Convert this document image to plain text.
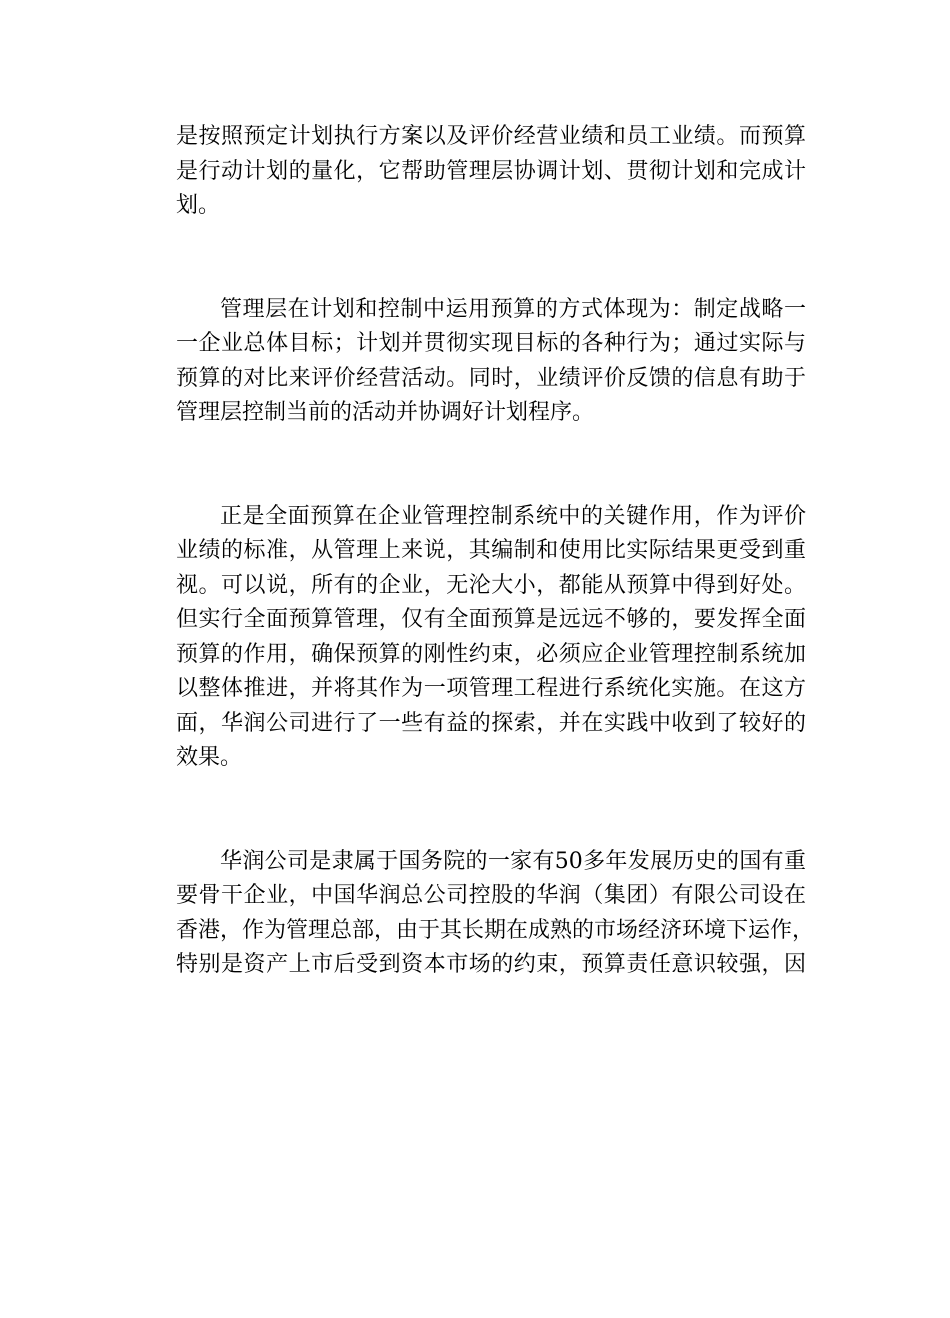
是按照预定计划执行方案以及评价经营业绩和员工业绩。而预算
是行动计划的量化，它帮助管理层协调计划、贯彻计划和完成计
划。
管理层在计划和控制中运用预算的方式体现为：制定战略一
一企业总体目标；计划并贯彻实现目标的各种行为；通过实际与
预算的对比来评价经营活动。同时，业绩评价反馈的信息有助于
管理层控制当前的活动并协调好计划程序。
正是全面预算在企业管理控制系统中的关键作用，作为评价
业绩的标准，从管理上来说，其编制和使用比实际结果更受到重
视。可以说，所有的企业，无沦大小，都能从预算中得到好处。
但实行全面预算管理，仅有全面预算是远远不够的，要发挥全面
预算的作用，确保预算的刚性约束，必须应企业管理控制系统加
以整体推进，并将其作为一项管理工程进行系统化实施。在这方
面，华润公司进行了一些有益的探索，并在实践中收到了较好的
效果。
华润公司是隶属于国务院的一家有50多年发展历史的国有重
要骨干企业，中国华润总公司控股的华润（集团）有限公司设在
香港，作为管理总部，由于其长期在成熟的市场经济环境下运作，
特别是资产上市后受到资本市场的约束，预算责任意识较强，因
